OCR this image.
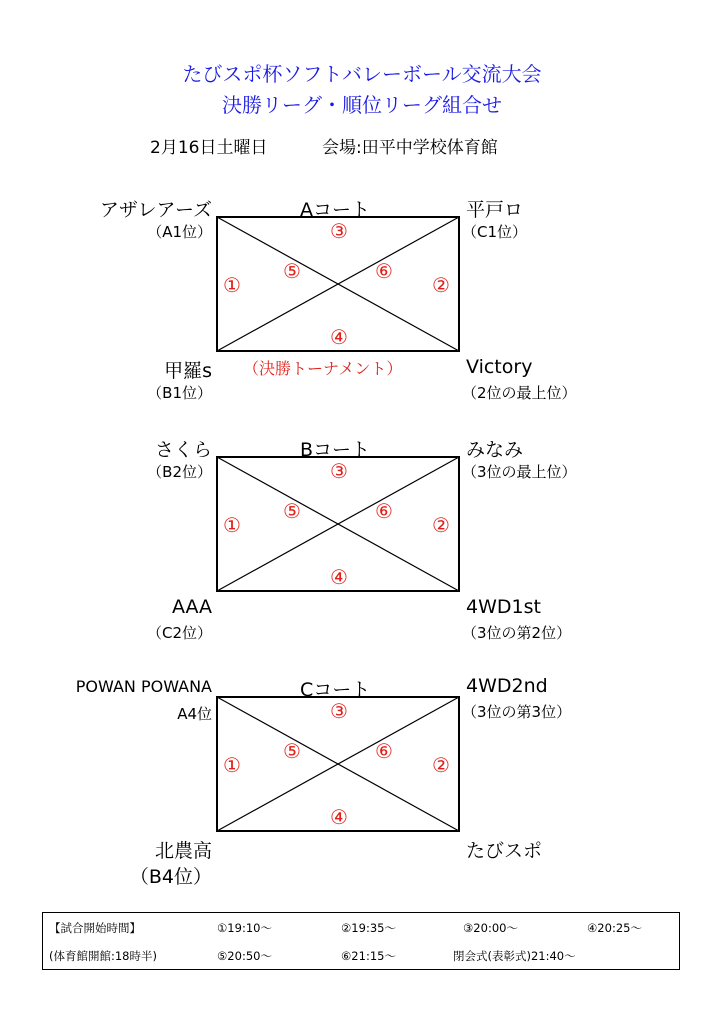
たびスポ杯ソフトバレーボール交流大会
決勝リーグ・順位リーグ組合せ
2月16日土曜日	会場:田平中学校体育館
アザレアーズ
（A1位）
Aコート	平戸ロ
（C1位）
③
⑤	⑥
①	②
④
甲羅s
（B1位）
（決勝トーナメント）	Victory
（2位の最上位）
さくら
（B2位）
Bコート	みなみ
（3位の最上位）
③
⑤	⑥
①	②
④
AAA
（C2位）
4WD1st
（3位の第2位）
POWAN POWANA
A4位
Cコート	4WD2nd
（3位の第3位）
③
⑤	⑥
①	②
④
北農高
（B4位）
たびスポ
【試合開始時間】	①19:10～	②19:35～	③20:00～	④20:25～
(体育館開館:18時半)	⑤20:50～	⑥21:15～	閉会式(表彰式)21:40～
